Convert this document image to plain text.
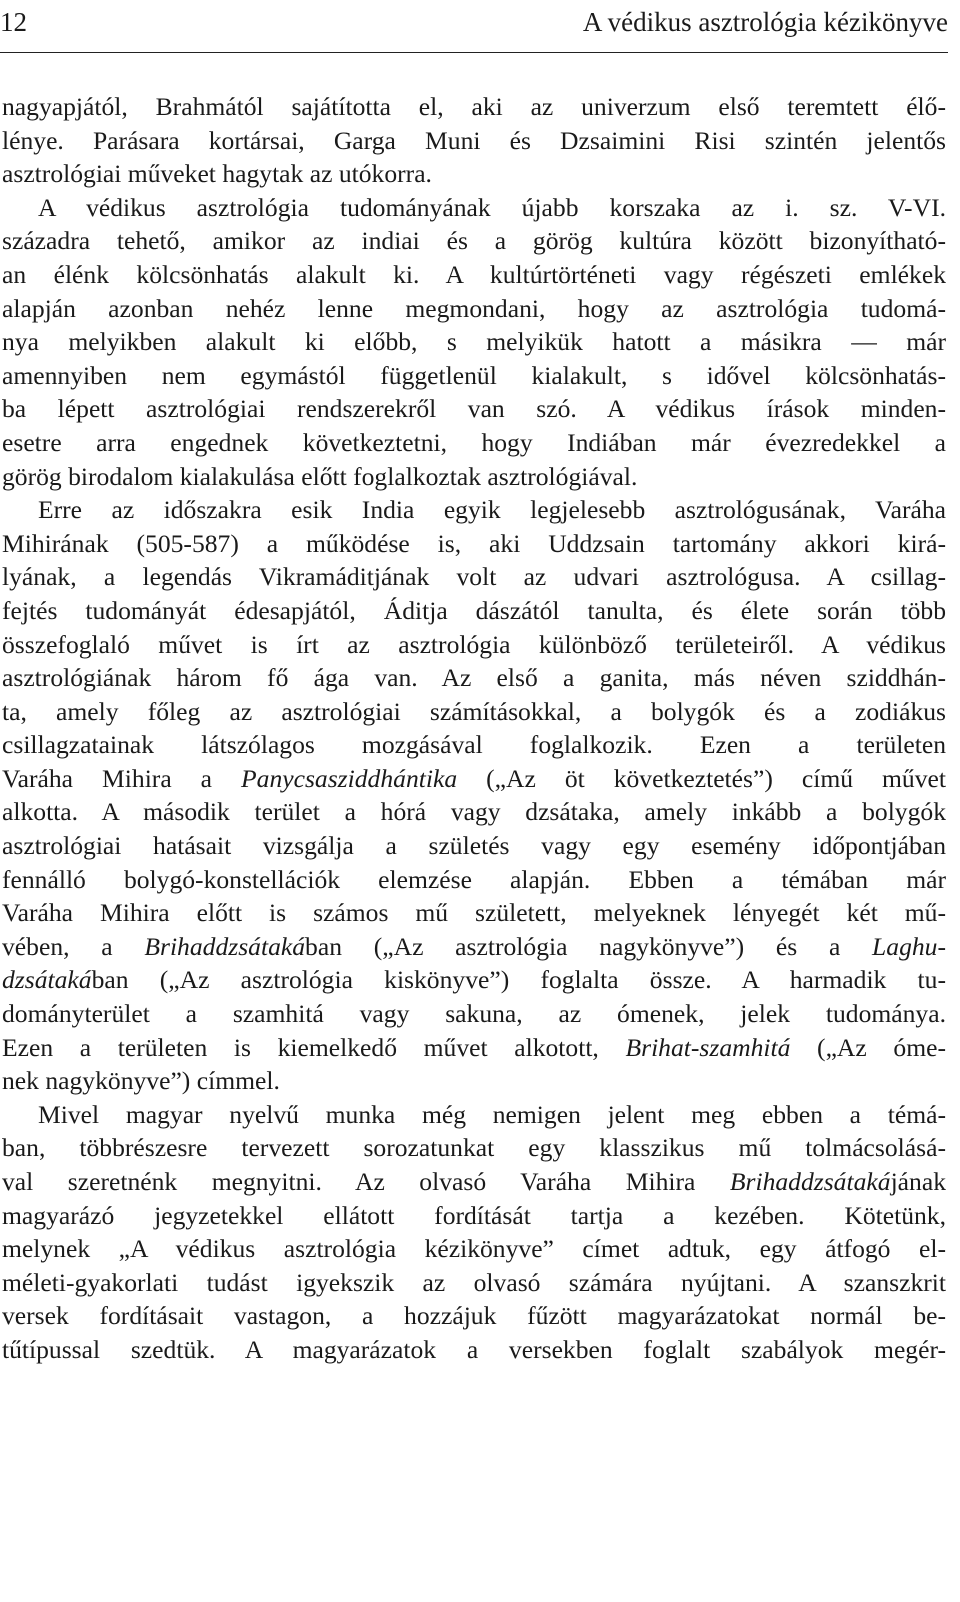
12	A védikus asztrológia kézikönyve
nagyapjától, Brahmától sajátította el, aki az univerzum első teremtett élő-
lénye. Parásara kortársai, Garga Muni és Dzsaimini Risi szintén jelentős
asztrológiai műveket hagytak az utókorra.
A védikus asztrológia tudományának újabb korszaka az i. sz. V-VI.
századra tehető, amikor az indiai és a görög kultúra között bizonyítható-
an élénk kölcsönhatás alakult ki. A kultúrtörténeti vagy régészeti emlékek
alapján azonban nehéz lenne megmondani, hogy az asztrológia tudomá-
nya melyikben alakult ki előbb, s melyikük hatott a másikra — már
amennyiben nem egymástól függetlenül kialakult, s idővel kölcsönhatás-
ba lépett asztrológiai rendszerekről van szó. A védikus írások minden-
esetre arra engednek következtetni, hogy Indiában már évezredekkel a
görög birodalom kialakulása előtt foglalkoztak asztrológiával.
Erre az időszakra esik India egyik legjelesebb asztrológusának, Varáha
Mihirának (505-587) a működése is, aki Uddzsain tartomány akkori kirá-
lyának, a legendás Vikramáditjának volt az udvari asztrológusa. A csillag-
fejtés tudományát édesapjától, Áditja dászától tanulta, és élete során több
összefoglaló művet is írt az asztrológia különböző területeiről. A védikus
asztrológiának három fő ága van. Az első a ganita, más néven sziddhán-
ta, amely főleg az asztrológiai számításokkal, a bolygók és a zodiákus
csillagzatainak látszólagos mozgásával foglalkozik. Ezen a területen
Varáha Mihira a Panycsasziddhántika („Az öt következtetés”) című művet
alkotta. A második terület a hórá vagy dzsátaka, amely inkább a bolygók
asztrológiai hatásait vizsgálja a születés vagy egy esemény időpontjában
fennálló bolygó-konstellációk elemzése alapján. Ebben a témában már
Varáha Mihira előtt is számos mű született, melyeknek lényegét két mű-
vében, a Brihaddzsátakában („Az asztrológia nagykönyve”) és a Laghu-
dzsátakában („Az asztrológia kiskönyve”) foglalta össze. A harmadik tu-
dományterület a szamhitá vagy sakuna, az ómenek, jelek tudománya.
Ezen a területen is kiemelkedő művet alkotott, Brihat-szamhitá („Az óme-
nek nagykönyve”) címmel.
Mivel magyar nyelvű munka még nemigen jelent meg ebben a témá-
ban, többrészesre tervezett sorozatunkat egy klasszikus mű tolmácsolásá-
val szeretnénk megnyitni. Az olvasó Varáha Mihira Brihaddzsátakájának
magyarázó jegyzetekkel ellátott fordítását tartja a kezében. Kötetünk,
melynek „A védikus asztrológia kézikönyve” címet adtuk, egy átfogó el-
méleti-gyakorlati tudást igyekszik az olvasó számára nyújtani. A szanszkrit
versek fordításait vastagon, a hozzájuk fűzött magyarázatokat normál be-
tűtípussal szedtük. A magyarázatok a versekben foglalt szabályok megér-
